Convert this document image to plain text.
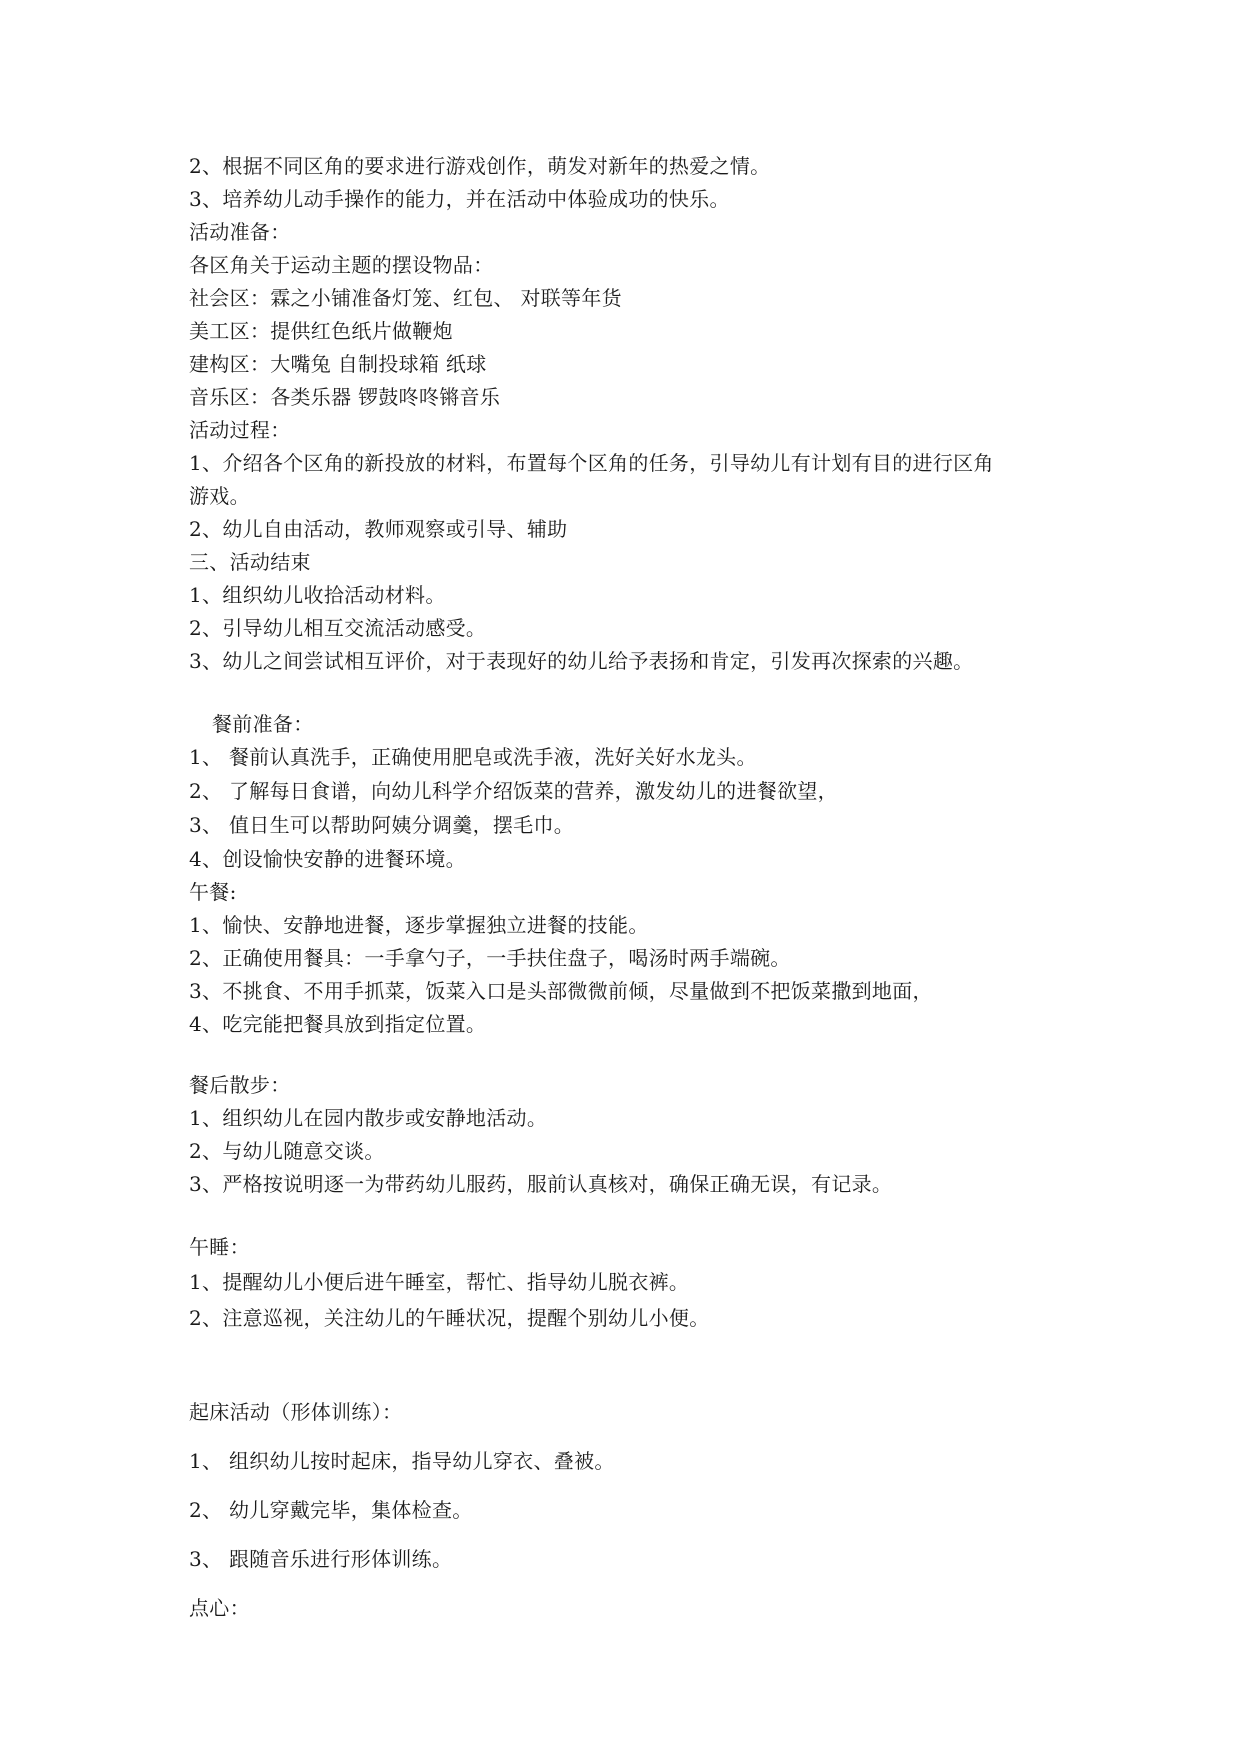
2、根据不同区角的要求进行游戏创作，萌发对新年的热爱之情。
3、培养幼儿动手操作的能力，并在活动中体验成功的快乐。
活动准备：
各区角关于运动主题的摆设物品：
社会区：霖之小铺准备灯笼、红包、 对联等年货
美工区：提供红色纸片做鞭炮
建构区：大嘴兔 自制投球箱 纸球
音乐区：各类乐器 锣鼓咚咚锵音乐
活动过程：
1、介绍各个区角的新投放的材料，布置每个区角的任务，引导幼儿有计划有目的进行区角
游戏。
2、幼儿自由活动，教师观察或引导、辅助
三、活动结束
1、组织幼儿收拾活动材料。
2、引导幼儿相互交流活动感受。
3、幼儿之间尝试相互评价，对于表现好的幼儿给予表扬和肯定，引发再次探索的兴趣。
餐前准备：
1、 餐前认真洗手，正确使用肥皂或洗手液，洗好关好水龙头。
2、 了解每日食谱，向幼儿科学介绍饭菜的营养，激发幼儿的进餐欲望，
3、 值日生可以帮助阿姨分调羹，摆毛巾。
4、创设愉快安静的进餐环境。
午餐:
1、愉快、安静地进餐，逐步掌握独立进餐的技能。
2、正确使用餐具：一手拿勺子，一手扶住盘子，喝汤时两手端碗。
3、不挑食、不用手抓菜，饭菜入口是头部微微前倾，尽量做到不把饭菜撒到地面，
4、吃完能把餐具放到指定位置。
餐后散步：
1、组织幼儿在园内散步或安静地活动。
2、与幼儿随意交谈。
3、严格按说明逐一为带药幼儿服药，服前认真核对，确保正确无误，有记录。
午睡：
1、提醒幼儿小便后进午睡室，帮忙、指导幼儿脱衣裤。
2、注意巡视，关注幼儿的午睡状况，提醒个别幼儿小便。
起床活动（形体训练）：
1、 组织幼儿按时起床，指导幼儿穿衣、叠被。
2、 幼儿穿戴完毕，集体检查。
3、 跟随音乐进行形体训练。
点心：
